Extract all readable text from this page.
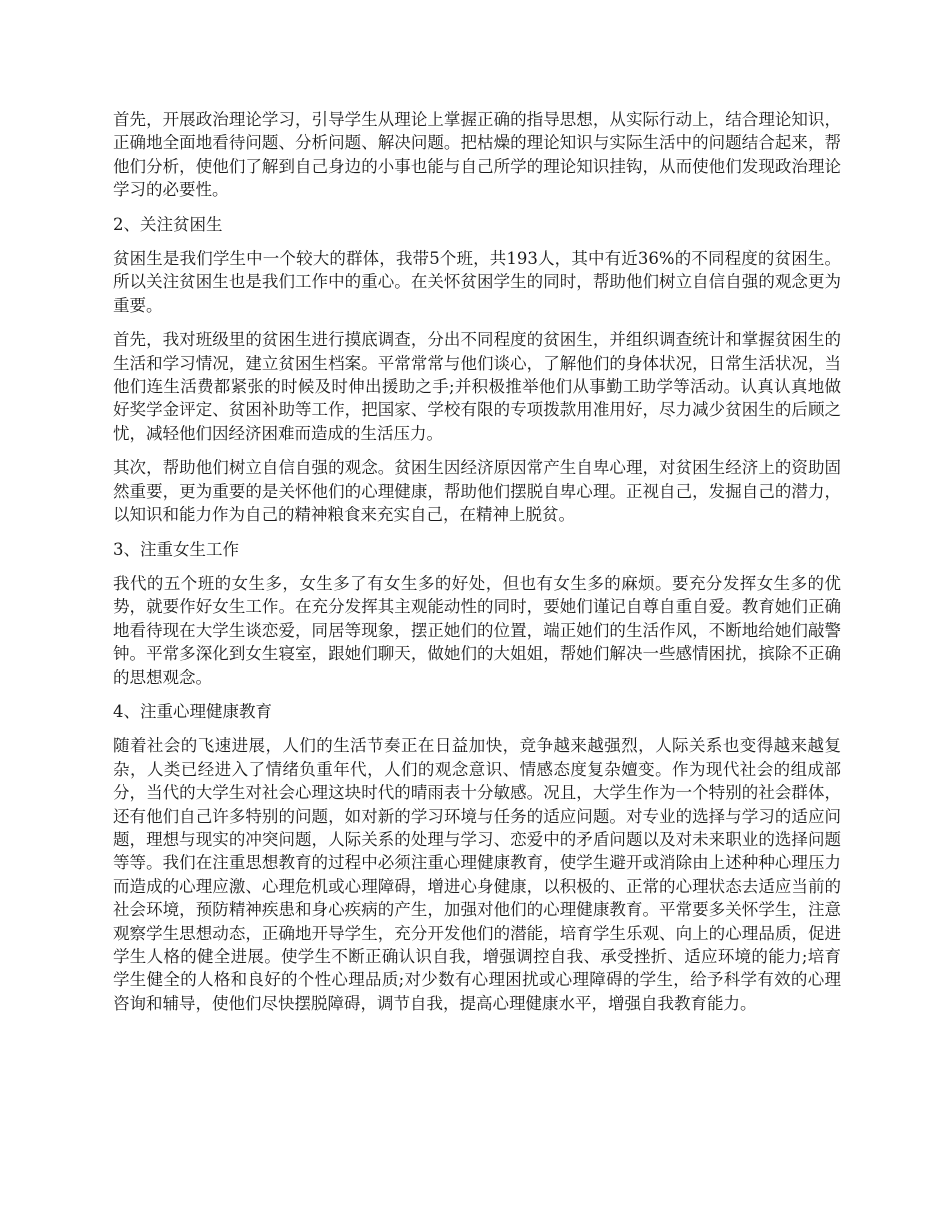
首先，开展政治理论学习，引导学生从理论上掌握正确的指导思想，从实际行动上，结合理论知识，正确地全面地看待问题、分析问题、解决问题。把枯燥的理论知识与实际生活中的问题结合起来，帮他们分析，使他们了解到自己身边的小事也能与自己所学的理论知识挂钩，从而使他们发现政治理论学习的必要性。

2、关注贫困生

贫困生是我们学生中一个较大的群体，我带5个班，共193人，其中有近36%的不同程度的贫困生。所以关注贫困生也是我们工作中的重心。在关怀贫困学生的同时，帮助他们树立自信自强的观念更为重要。

首先，我对班级里的贫困生进行摸底调查，分出不同程度的贫困生，并组织调查统计和掌握贫困生的生活和学习情况，建立贫困生档案。平常常常与他们谈心，了解他们的身体状况，日常生活状况，当他们连生活费都紧张的时候及时伸出援助之手;并积极推举他们从事勤工助学等活动。认真认真地做好奖学金评定、贫困补助等工作，把国家、学校有限的专项拨款用准用好，尽力减少贫困生的后顾之忧，减轻他们因经济困难而造成的生活压力。

其次，帮助他们树立自信自强的观念。贫困生因经济原因常产生自卑心理，对贫困生经济上的资助固然重要，更为重要的是关怀他们的心理健康，帮助他们摆脱自卑心理。正视自己，发掘自己的潜力，以知识和能力作为自己的精神粮食来充实自己，在精神上脱贫。

3、注重女生工作

我代的五个班的女生多，女生多了有女生多的好处，但也有女生多的麻烦。要充分发挥女生多的优势，就要作好女生工作。在充分发挥其主观能动性的同时，要她们谨记自尊自重自爱。教育她们正确地看待现在大学生谈恋爱，同居等现象，摆正她们的位置，端正她们的生活作风，不断地给她们敲警钟。平常多深化到女生寝室，跟她们聊天，做她们的大姐姐，帮她们解决一些感情困扰，摈除不正确的思想观念。

4、注重心理健康教育

随着社会的飞速进展，人们的生活节奏正在日益加快，竞争越来越强烈，人际关系也变得越来越复杂，人类已经进入了情绪负重年代，人们的观念意识、情感态度复杂嬗变。作为现代社会的组成部分，当代的大学生对社会心理这块时代的晴雨表十分敏感。况且，大学生作为一个特别的社会群体，还有他们自己许多特别的问题，如对新的学习环境与任务的适应问题。对专业的选择与学习的适应问题，理想与现实的冲突问题，人际关系的处理与学习、恋爱中的矛盾问题以及对未来职业的选择问题等等。我们在注重思想教育的过程中必须注重心理健康教育，使学生避开或消除由上述种种心理压力而造成的心理应激、心理危机或心理障碍，增进心身健康，以积极的、正常的心理状态去适应当前的社会环境，预防精神疾患和身心疾病的产生，加强对他们的心理健康教育。平常要多关怀学生，注意观察学生思想动态，正确地开导学生，充分开发他们的潜能，培育学生乐观、向上的心理品质，促进学生人格的健全进展。使学生不断正确认识自我，增强调控自我、承受挫折、适应环境的能力;培育学生健全的人格和良好的个性心理品质;对少数有心理困扰或心理障碍的学生，给予科学有效的心理咨询和辅导，使他们尽快摆脱障碍，调节自我，提高心理健康水平，增强自我教育能力。
